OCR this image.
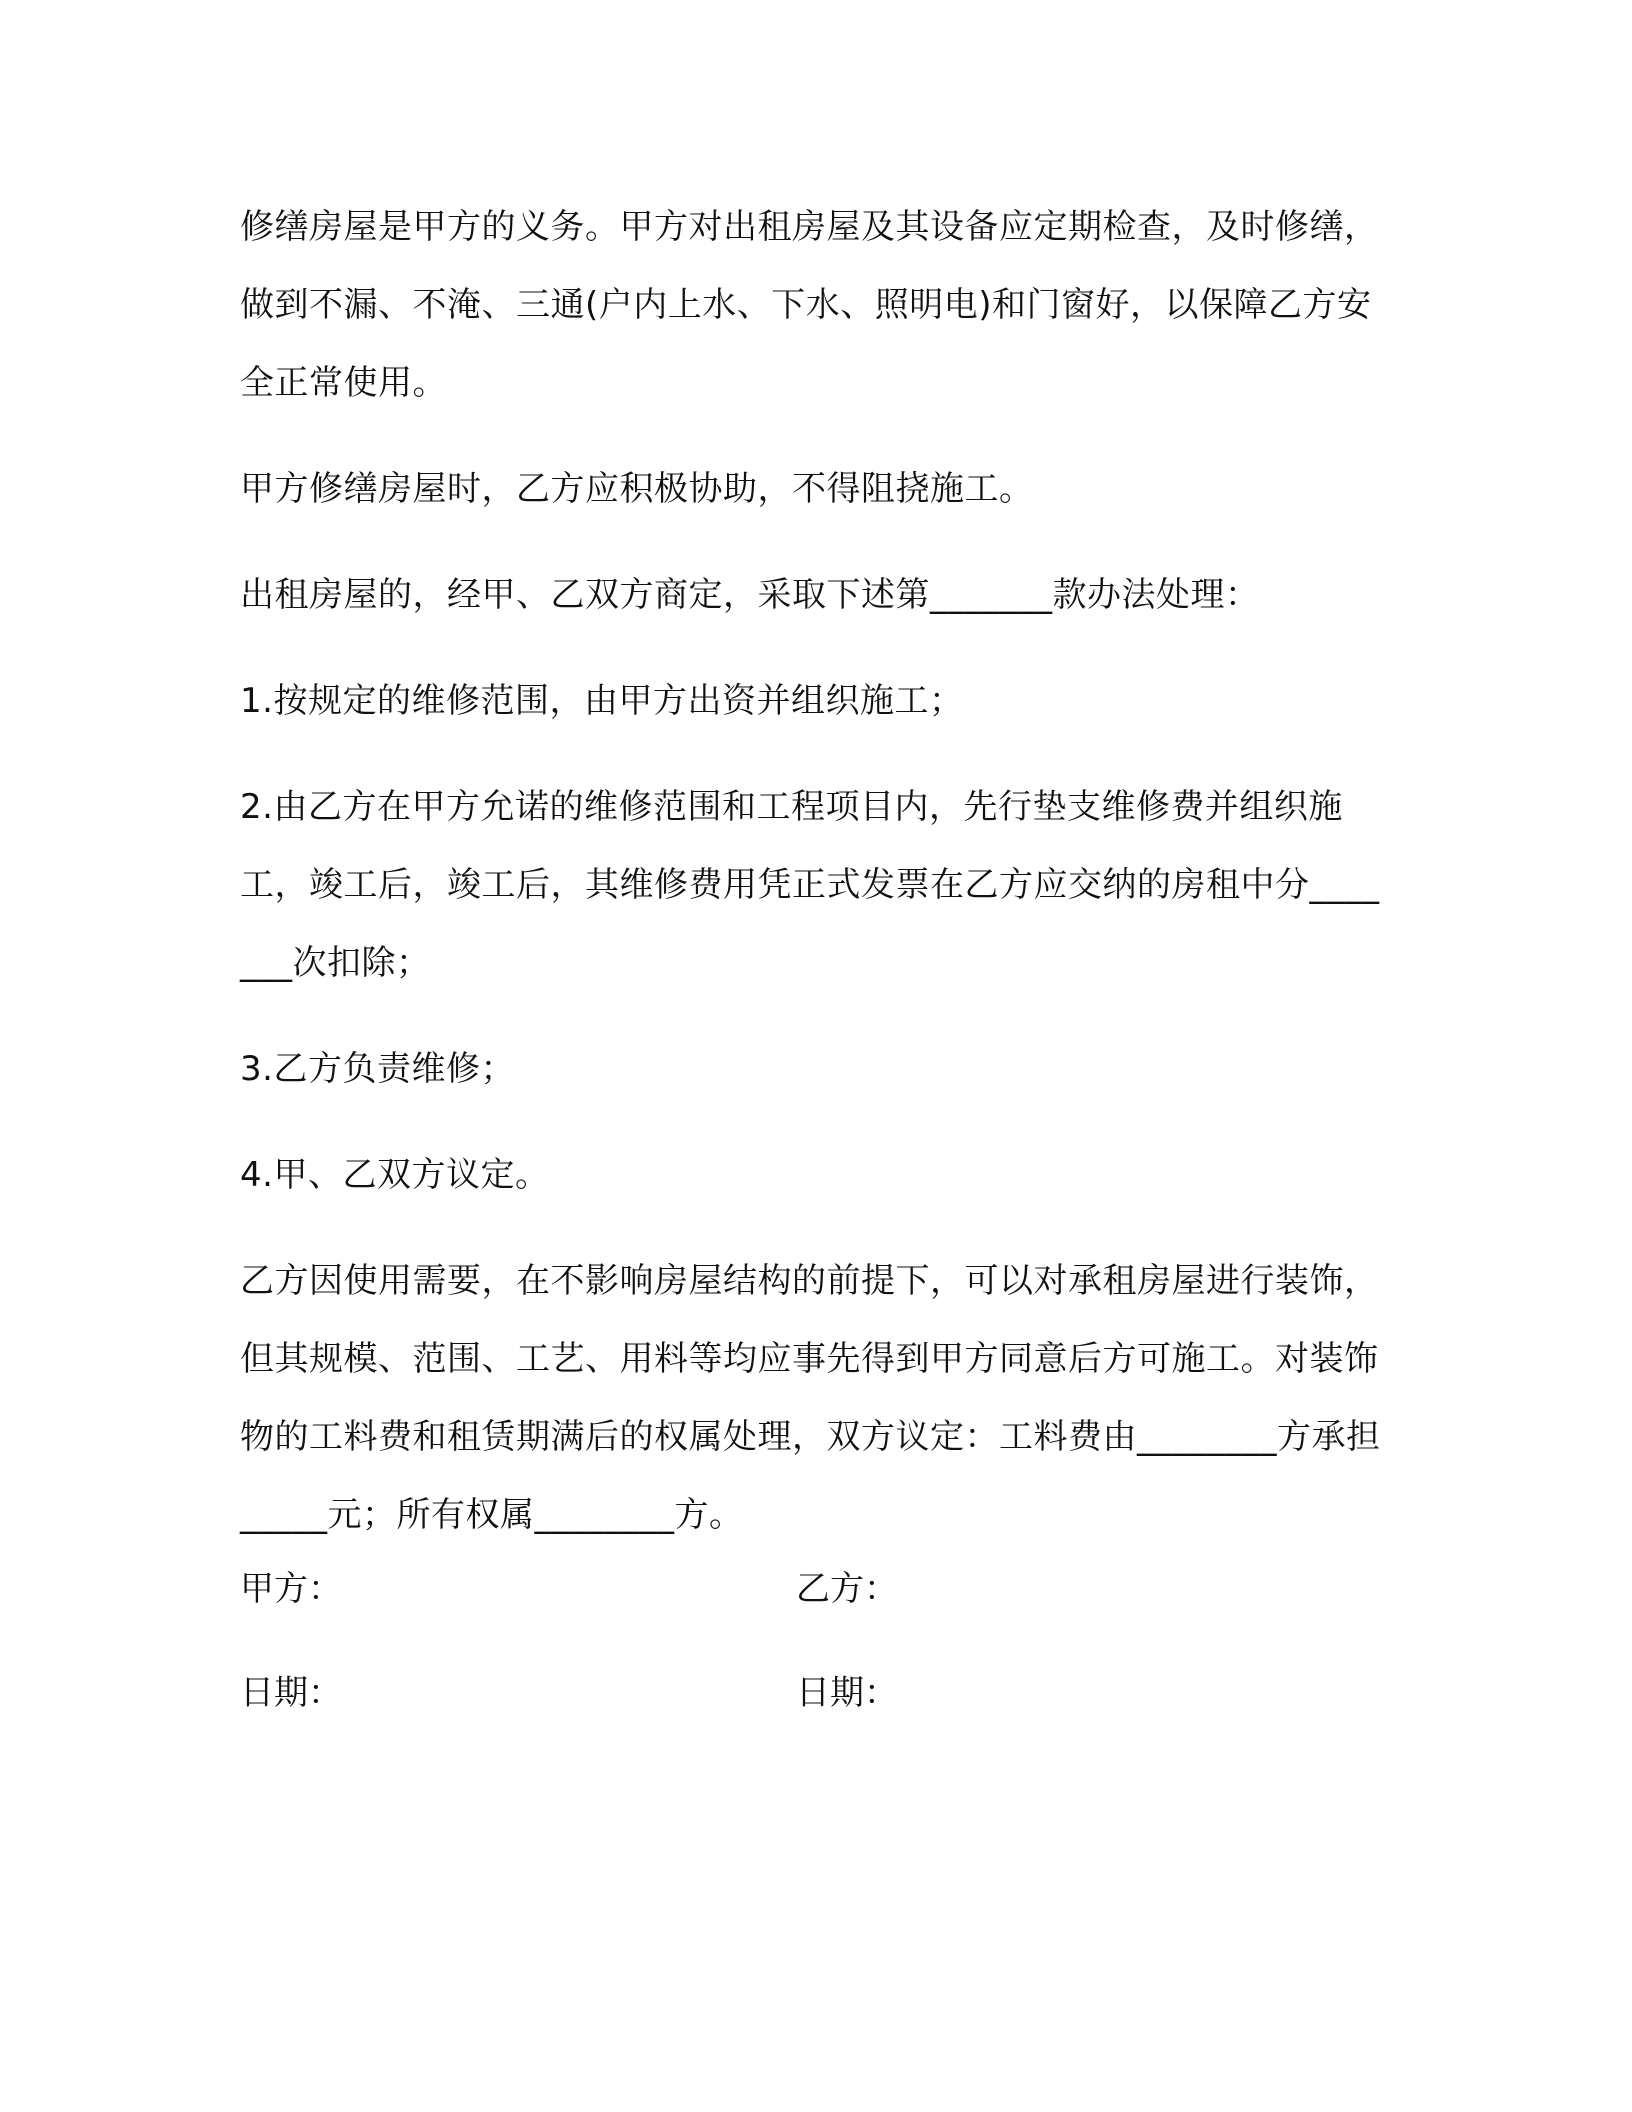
修缮房屋是甲方的义务。甲方对出租房屋及其设备应定期检查，及时修缮，做到不漏、不淹、三通(户内上水、下水、照明电)和门窗好，以保障乙方安全正常使用。

甲方修缮房屋时，乙方应积极协助，不得阻挠施工。

出租房屋的，经甲、乙双方商定，采取下述第_______款办法处理：

1.按规定的维修范围，由甲方出资并组织施工；

2.由乙方在甲方允诺的维修范围和工程项目内，先行垫支维修费并组织施工，竣工后，竣工后，其维修费用凭正式发票在乙方应交纳的房租中分_______次扣除；

3.乙方负责维修；

4.甲、乙双方议定。

乙方因使用需要，在不影响房屋结构的前提下，可以对承租房屋进行装饰，但其规模、范围、工艺、用料等均应事先得到甲方同意后方可施工。对装饰物的工料费和租赁期满后的权属处理，双方议定：工料费由________方承担_____元；所有权属________方。

甲方：	乙方：
日期：	日期：
